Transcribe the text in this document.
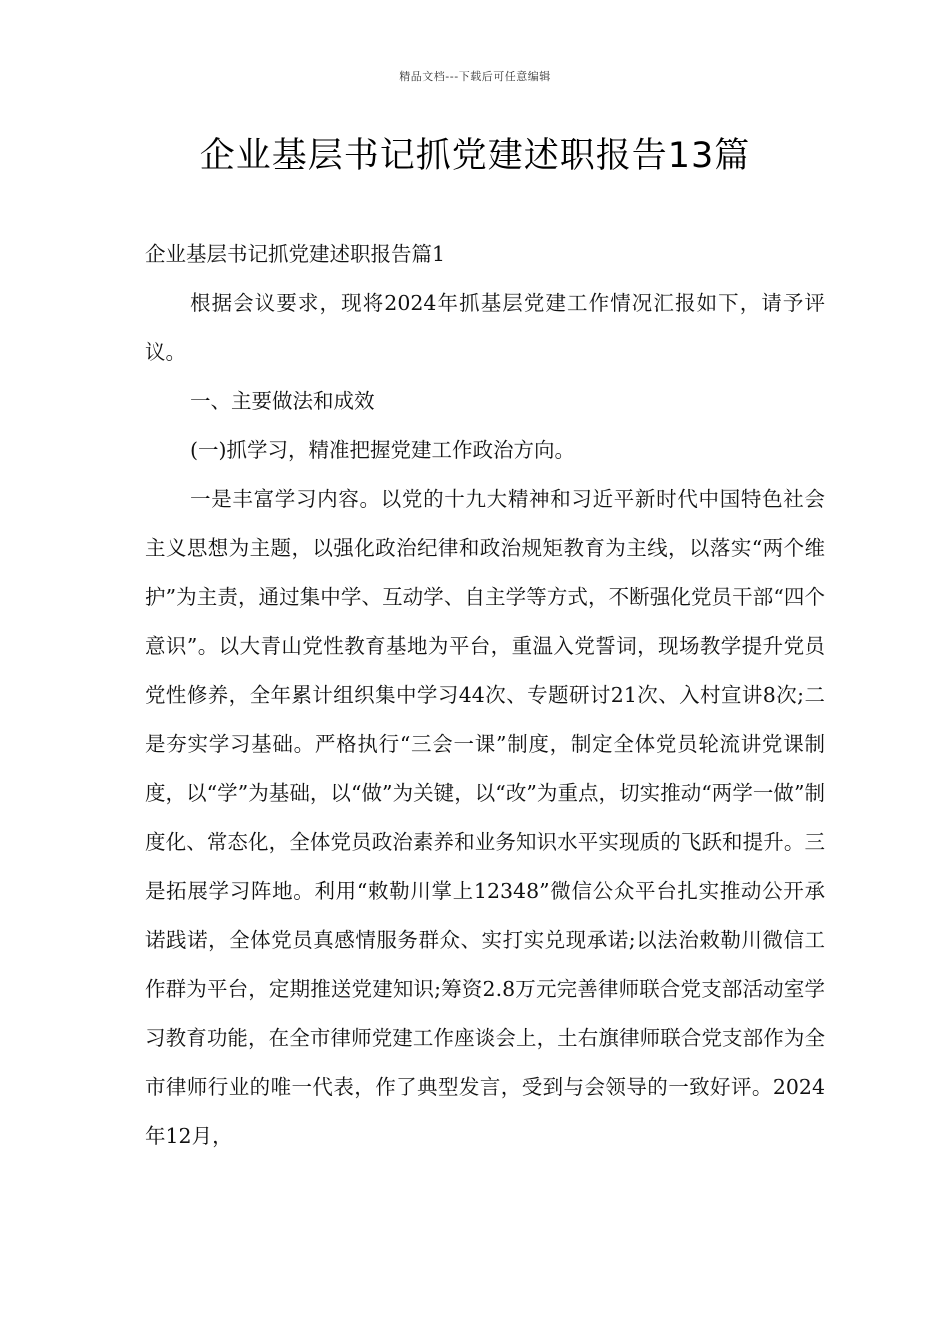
精品文档---下载后可任意编辑
企业基层书记抓党建述职报告13篇

企业基层书记抓党建述职报告篇1

根据会议要求，现将2024年抓基层党建工作情况汇报如下，请予评议。

一、主要做法和成效

(一)抓学习，精准把握党建工作政治方向。

一是丰富学习内容。以党的十九大精神和习近平新时代中国特色社会主义思想为主题，以强化政治纪律和政治规矩教育为主线，以落实“两个维护”为主责，通过集中学、互动学、自主学等方式，不断强化党员干部“四个意识”。以大青山党性教育基地为平台，重温入党誓词，现场教学提升党员党性修养，全年累计组织集中学习44次、专题研讨21次、入村宣讲8次;二是夯实学习基础。严格执行“三会一课”制度，制定全体党员轮流讲党课制度，以“学”为基础，以“做”为关键，以“改”为重点，切实推动“两学一做”制度化、常态化，全体党员政治素养和业务知识水平实现质的飞跃和提升。三是拓展学习阵地。利用“敕勒川掌上12348”微信公众平台扎实推动公开承诺践诺，全体党员真感情服务群众、实打实兑现承诺;以法治敕勒川微信工作群为平台，定期推送党建知识;筹资2.8万元完善律师联合党支部活动室学习教育功能，在全市律师党建工作座谈会上，土右旗律师联合党支部作为全市律师行业的唯一代表，作了典型发言，受到与会领导的一致好评。2024年12月，
